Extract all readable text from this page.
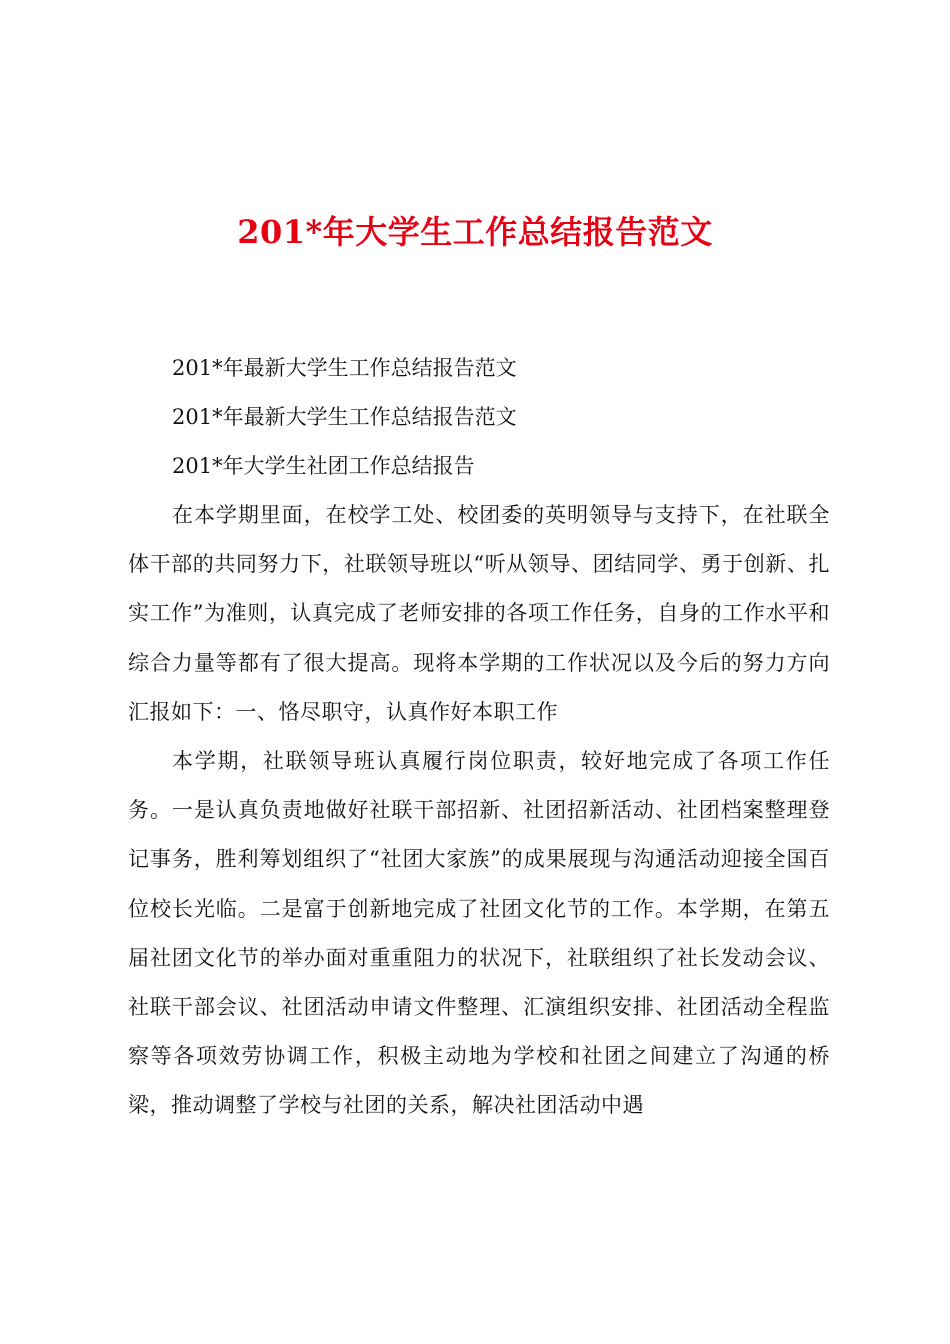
201*年大学生工作总结报告范文

201*年最新大学生工作总结报告范文

201*年最新大学生工作总结报告范文

201*年大学生社团工作总结报告

在本学期里面，在校学工处、校团委的英明领导与支持下，在社联全体干部的共同努力下，社联领导班以“听从领导、团结同学、勇于创新、扎实工作”为准则，认真完成了老师安排的各项工作任务，自身的工作水平和综合力量等都有了很大提高。现将本学期的工作状况以及今后的努力方向汇报如下：一、恪尽职守，认真作好本职工作

本学期，社联领导班认真履行岗位职责，较好地完成了各项工作任务。一是认真负责地做好社联干部招新、社团招新活动、社团档案整理登记事务，胜利筹划组织了“社团大家族”的成果展现与沟通活动迎接全国百位校长光临。二是富于创新地完成了社团文化节的工作。本学期，在第五届社团文化节的举办面对重重阻力的状况下，社联组织了社长发动会议、社联干部会议、社团活动申请文件整理、汇演组织安排、社团活动全程监察等各项效劳协调工作，积极主动地为学校和社团之间建立了沟通的桥梁，推动调整了学校与社团的关系，解决社团活动中遇
